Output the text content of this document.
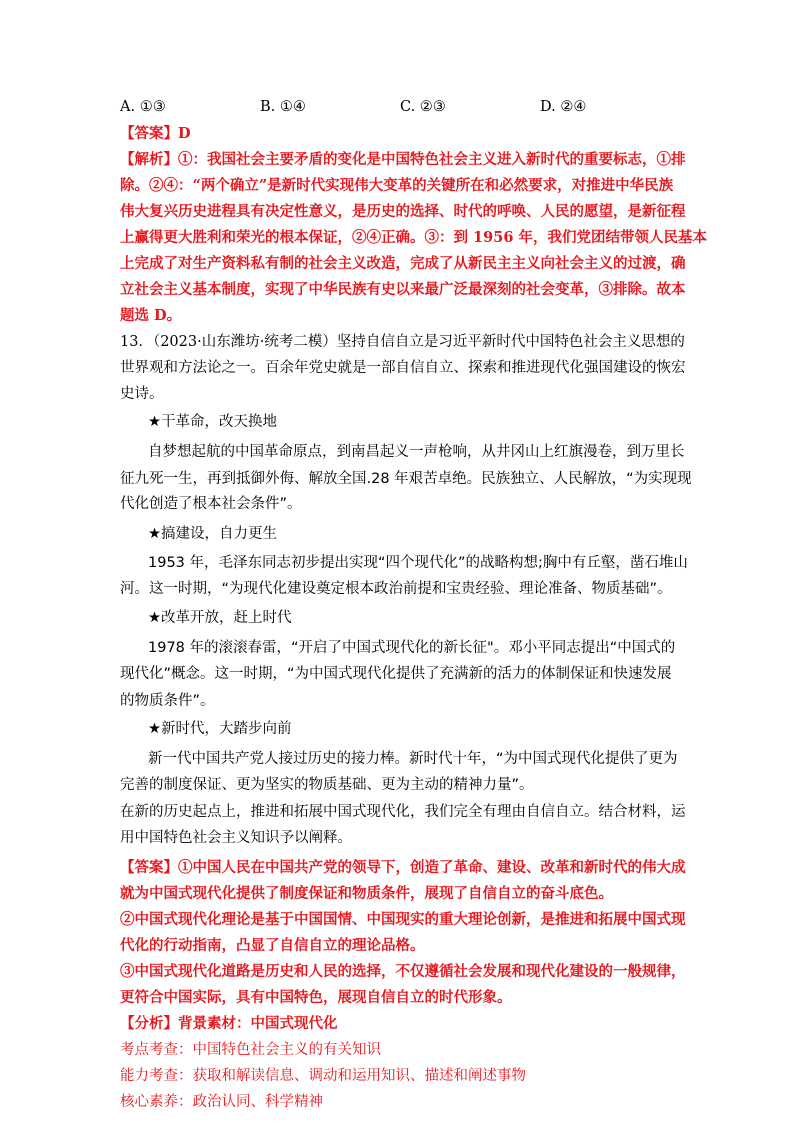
A. ①③	B. ①④	C. ②③	D. ②④
【答案】D
【解析】①：我国社会主要矛盾的变化是中国特色社会主义进入新时代的重要标志，①排
除。②④：“两个确立”是新时代实现伟大变革的关键所在和必然要求，对推进中华民族
伟大复兴历史进程具有决定性意义，是历史的选择、时代的呼唤、人民的愿望，是新征程
上赢得更大胜利和荣光的根本保证，②④正确。③：到 1956 年，我们党团结带领人民基本
上完成了对生产资料私有制的社会主义改造，完成了从新民主主义向社会主义的过渡，确
立社会主义基本制度，实现了中华民族有史以来最广泛最深刻的社会变革，③排除。故本
题选 D。
13．（2023·山东潍坊·统考二模）坚持自信自立是习近平新时代中国特色社会主义思想的
世界观和方法论之一。百余年党史就是一部自信自立、探索和推进现代化强国建设的恢宏
史诗。
★干革命，改天换地
自梦想起航的中国革命原点，到南昌起义一声枪响，从井冈山上红旗漫卷，到万里长
征九死一生，再到抵御外侮、解放全国.28 年艰苦卓绝。民族独立、人民解放，“为实现现
代化创造了根本社会条件”。
★搞建设，自力更生
1953 年，毛泽东同志初步提出实现“四个现代化”的战略构想;胸中有丘壑，凿石堆山
河。这一时期，“为现代化建设奠定根本政治前提和宝贵经验、理论准备、物质基础”。
★改革开放，赶上时代
1978 年的滚滚春雷，“开启了中国式现代化的新长征"。邓小平同志提出“中国式的
现代化”概念。这一时期，“为中国式现代化提供了充满新的活力的体制保证和快速发展
的物质条件”。
★新时代，大踏步向前
新一代中国共产党人接过历史的接力棒。新时代十年，“为中国式现代化提供了更为
完善的制度保证、更为坚实的物质基础、更为主动的精神力量”。
在新的历史起点上，推进和拓展中国式现代化，我们完全有理由自信自立。结合材料，运
用中国特色社会主义知识予以阐释。
【答案】①中国人民在中国共产党的领导下，创造了革命、建设、改革和新时代的伟大成
就为中国式现代化提供了制度保证和物质条件，展现了自信自立的奋斗底色。
②中国式现代化理论是基于中国国情、中国现实的重大理论创新，是推进和拓展中国式现
代化的行动指南，凸显了自信自立的理论品格。
③中国式现代化道路是历史和人民的选择，不仅遵循社会发展和现代化建设的一般规律，
更符合中国实际，具有中国特色，展现自信自立的时代形象。
【分析】背景素材：中国式现代化
考点考查：中国特色社会主义的有关知识
能力考查：获取和解读信息、调动和运用知识、描述和阐述事物
核心素养：政治认同、科学精神
